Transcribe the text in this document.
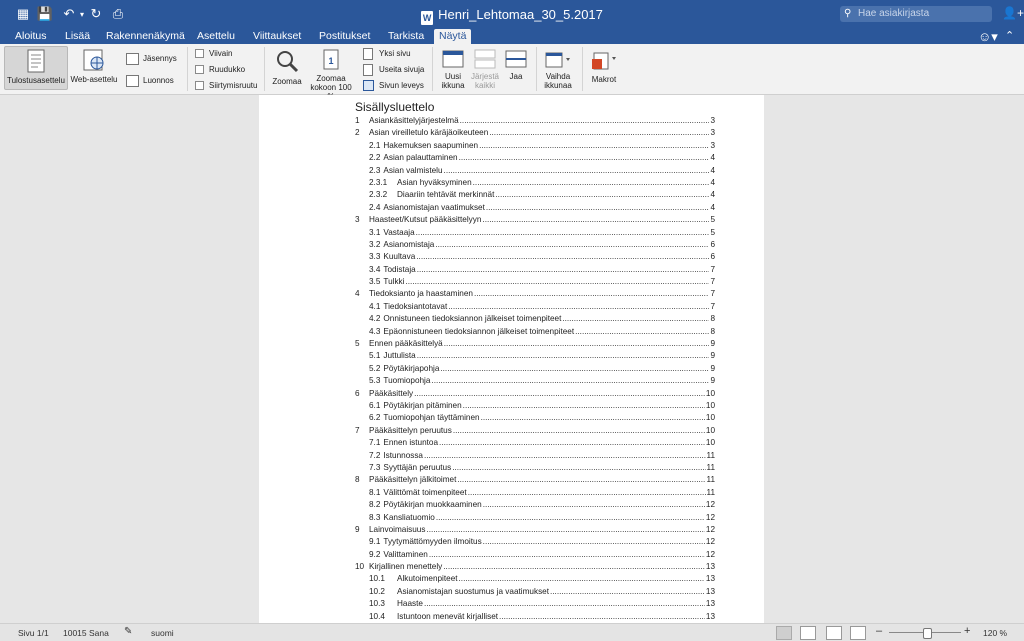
▦ 💾 ↶ ▾ ↻ ⎙	W Henri_Lehtomaa_30_5.2017	⚲ Hae asiakirjasta	👤+
Aloitus	Lisää	Rakennenäkymä	Asettelu	Viittaukset	Postitukset	Tarkista	Näytä	☺▾ ⌃
Tulostusasettelu Web-asettelu
Jäsennys
Luonnos
Viivain
Ruudukko
Siirtymisruutu	Zoomaa
1
Zoomaa
kokoon 100
Yksi sivu
Useita sivuja
Sivun leveys
Uusi
ikkuna
Järjestä
kaikki
Jaa	Vaihda
ikkunaa
Makrot
Sisällysluettelo
1	Asiankäsittelyjärjestelmä .....	3
2	Asian vireilletulo käräjäoikeuteen .....	3
2.1 Hakemuksen saapuminen .....	3
2.2 Asian palauttaminen .....	4
2.3 Asian valmistelu .....	4
2.3.1	Asian hyväksyminen .....	4
2.3.2	Diaariin tehtävät merkinnät .....	4
2.4 Asianomistajan vaatimukset .....	4
3	Haasteet/Kutsut pääkäsittelyyn .....	5
3.1 Vastaaja .....	5
3.2 Asianomistaja .....	6
3.3 Kuultava .....	6
3.4 Todistaja .....	7
3.5 Tulkki .....	7
4	Tiedoksianto ja haastaminen .....	7
4.1 Tiedoksiantotavat .....	7
4.2 Onnistuneen tiedoksiannon jälkeiset toimenpiteet .....	8
4.3 Epäonnistuneen tiedoksiannon jälkeiset toimenpiteet .....	8
5	Ennen pääkäsittelyä .....	9
5.1 Juttulista .....	9
5.2 Pöytäkirjapohja .....	9
5.3 Tuomiopohja .....	9
6	Pääkäsittely .....	10
6.1 Pöytäkirjan pitäminen .....	10
6.2 Tuomiopohjan täyttäminen .....	10
7	Pääkäsittelyn peruutus .....	10
7.1 Ennen istuntoa .....	10
7.2 Istunnossa .....	11
7.3 Syyttäjän peruutus .....	11
8	Pääkäsittelyn jälkitoimet .....	11
8.1 Välittömät toimenpiteet .....	11
8.2 Pöytäkirjan muokkaaminen .....	12
8.3 Kansliatuomio .....	12
9	Lainvoimaisuus .....	12
9.1 Tyytymättömyyden ilmoitus .....	12
9.2 Valittaminen .....	12
10 Kirjallinen menettely .....	13
10.1	Alkutoimenpiteet .....	13
10.2	Asianomistajan suostumus ja vaatimukset .....	13
10.3	Haaste .....	13
10.4	Istuntoon menevät kirjalliset .....	13
Sivu 1/1 10015 Sana ✎ suomi	–	+ 120 %
